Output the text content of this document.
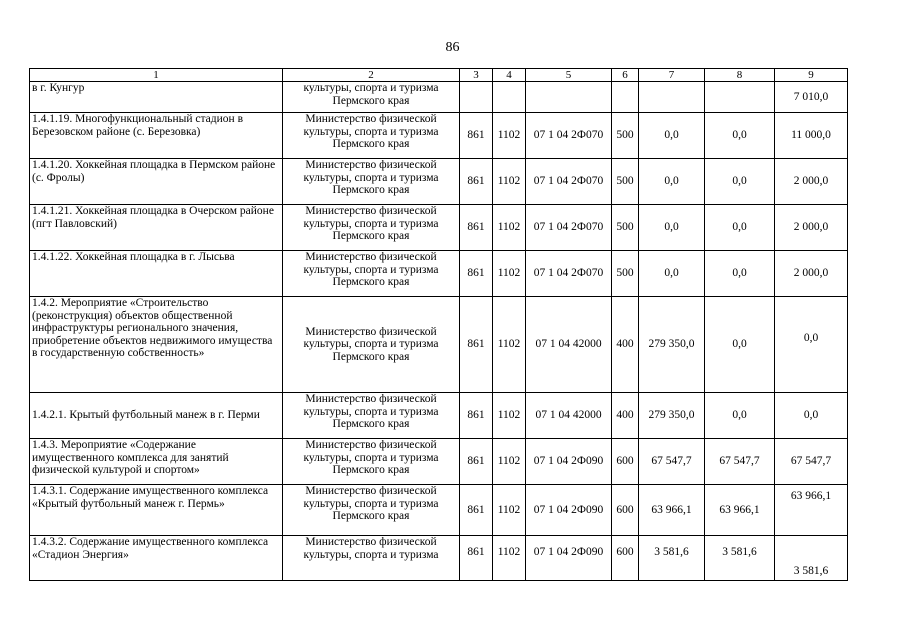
86
1	2	3	4	5	6	7	8	9
в г. Кунгур	культуры, спорта и туризма Пермского края							7 010,0
1.4.1.19. Многофункциональный стадион в Березовском районе (с. Березовка)	Министерство физической культуры, спорта и туризма Пермского края	861	1102	07 1 04 2Ф070	500	0,0	0,0	11 000,0
1.4.1.20. Хоккейная площадка в Пермском районе (с. Фролы)	Министерство физической культуры, спорта и туризма Пермского края	861	1102	07 1 04 2Ф070	500	0,0	0,0	2 000,0
1.4.1.21. Хоккейная площадка в Очерском районе (пгт Павловский)	Министерство физической культуры, спорта и туризма Пермского края	861	1102	07 1 04 2Ф070	500	0,0	0,0	2 000,0
1.4.1.22. Хоккейная площадка в г. Лысьва	Министерство физической культуры, спорта и туризма Пермского края	861	1102	07 1 04 2Ф070	500	0,0	0,0	2 000,0
1.4.2. Мероприятие «Строительство (реконструкция) объектов общественной инфраструктуры регионального значения, приобретение объектов недвижимого имущества в государственную собственность»	Министерство физической культуры, спорта и туризма Пермского края	861	1102	07 1 04 42000	400	279 350,0	0,0	0,0
1.4.2.1. Крытый футбольный манеж в г. Перми	Министерство физической культуры, спорта и туризма Пермского края	861	1102	07 1 04 42000	400	279 350,0	0,0	0,0
1.4.3. Мероприятие «Содержание имущественного комплекса для занятий физической культурой и спортом»	Министерство физической культуры, спорта и туризма Пермского края	861	1102	07 1 04 2Ф090	600	67 547,7	67 547,7	67 547,7
1.4.3.1. Содержание имущественного комплекса «Крытый футбольный манеж г. Пермь»	Министерство физической культуры, спорта и туризма Пермского края	861	1102	07 1 04 2Ф090	600	63 966,1	63 966,1	63 966,1
1.4.3.2. Содержание имущественного комплекса «Стадион Энергия»	Министерство физической культуры, спорта и туризма	861	1102	07 1 04 2Ф090	600	3 581,6	3 581,6	3 581,6
